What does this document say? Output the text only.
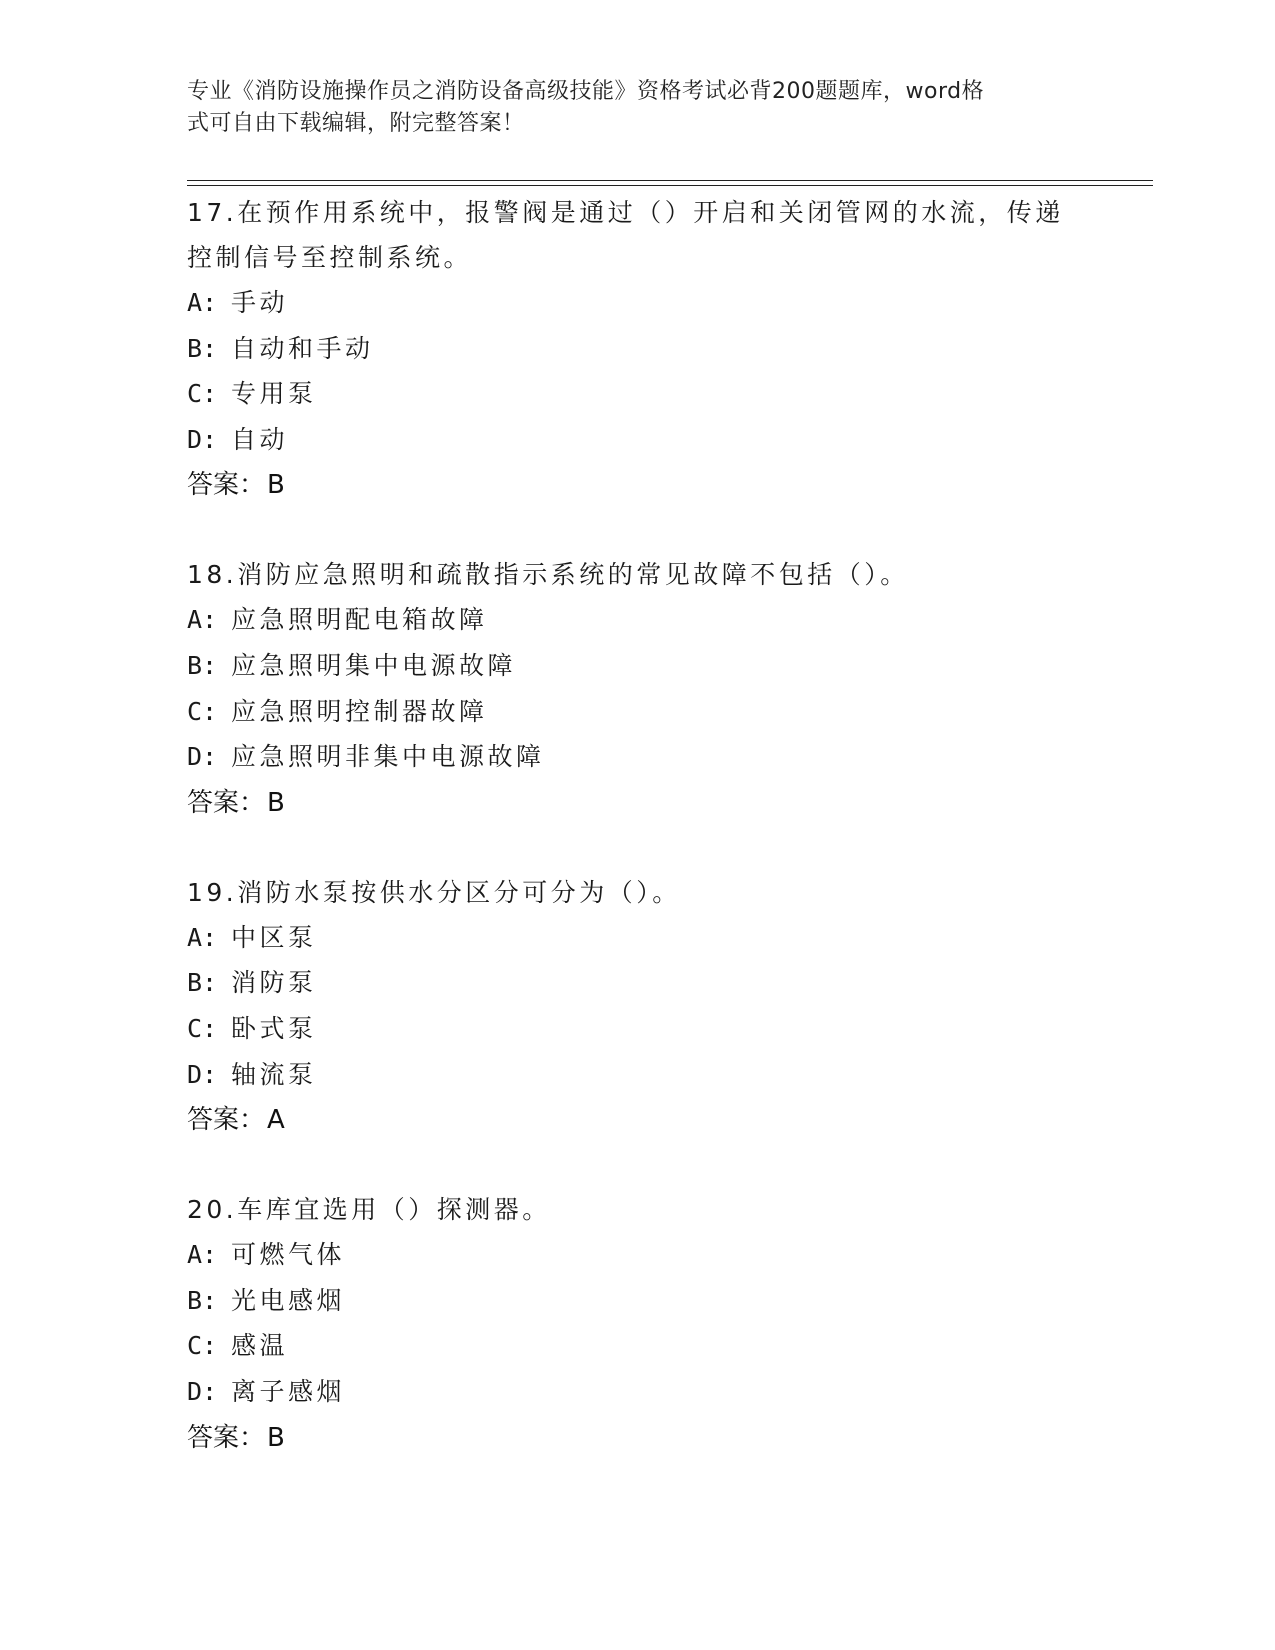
专业《消防设施操作员之消防设备高级技能》资格考试必背200题题库，word格
式可自由下载编辑，附完整答案！
17.在预作用系统中，报警阀是通过（）开启和关闭管网的水流，传递
控制信号至控制系统。
A: 手动
B: 自动和手动
C: 专用泵
D: 自动
答案：B
18.消防应急照明和疏散指示系统的常见故障不包括（）。
A: 应急照明配电箱故障
B: 应急照明集中电源故障
C: 应急照明控制器故障
D: 应急照明非集中电源故障
答案：B
19.消防水泵按供水分区分可分为（）。
A: 中区泵
B: 消防泵
C: 卧式泵
D: 轴流泵
答案：A
20.车库宜选用（）探测器。
A: 可燃气体
B: 光电感烟
C: 感温
D: 离子感烟
答案：B
